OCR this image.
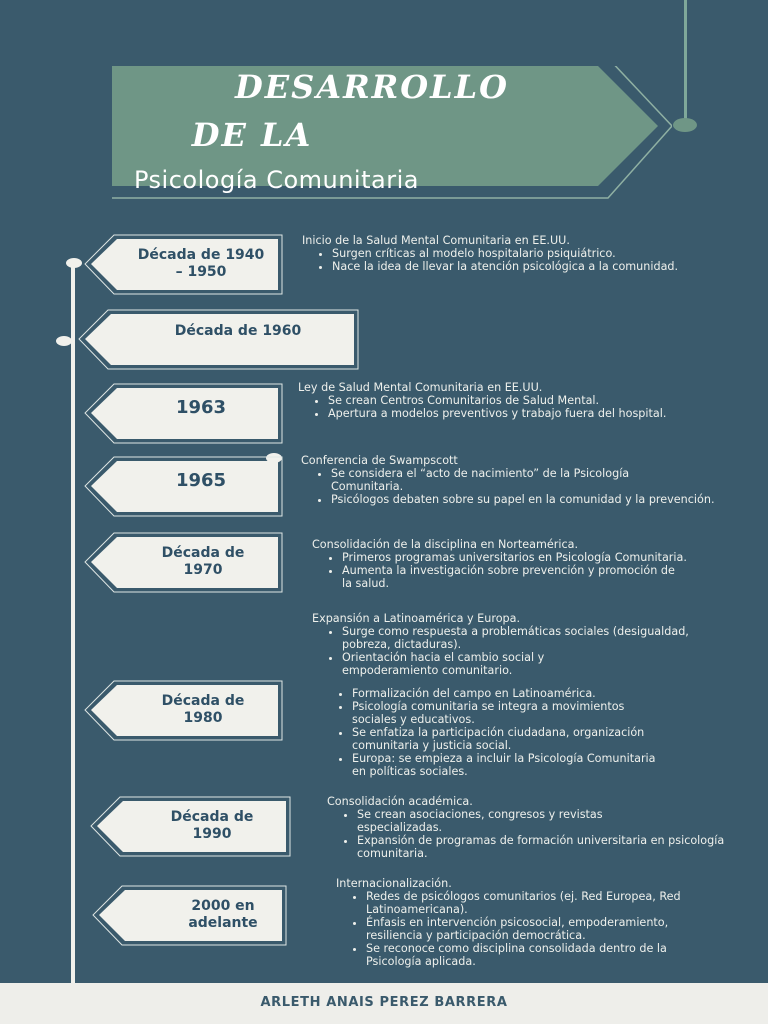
DESARROLLO
DE LA
Psicología Comunitaria
Década de 1940 – 1950
Década de 1960
1963
1965
Década de 1970
Década de 1980
Década de 1990
2000 en adelante
Inicio de la Salud Mental Comunitaria en EE.UU.
• Surgen críticas al modelo hospitalario psiquiátrico.
• Nace la idea de llevar la atención psicológica a la comunidad.
Ley de Salud Mental Comunitaria en EE.UU.
• Se crean Centros Comunitarios de Salud Mental.
• Apertura a modelos preventivos y trabajo fuera del hospital.
Conferencia de Swampscott
• Se considera el “acto de nacimiento” de la Psicología Comunitaria.
• Psicólogos debaten sobre su papel en la comunidad y la prevención.
Consolidación de la disciplina en Norteamérica.
• Primeros programas universitarios en Psicología Comunitaria.
• Aumenta la investigación sobre prevención y promoción de la salud.
Expansión a Latinoamérica y Europa.
• Surge como respuesta a problemáticas sociales (desigualdad, pobreza, dictaduras).
• Orientación hacia el cambio social y empoderamiento comunitario.
• Formalización del campo en Latinoamérica.
• Psicología comunitaria se integra a movimientos sociales y educativos.
• Se enfatiza la participación ciudadana, organización comunitaria y justicia social.
• Europa: se empieza a incluir la Psicología Comunitaria en políticas sociales.
Consolidación académica.
• Se crean asociaciones, congresos y revistas especializadas.
• Expansión de programas de formación universitaria en psicología comunitaria.
Internacionalización.
• Redes de psicólogos comunitarios (ej. Red Europea, Red Latinoamericana).
• Énfasis en intervención psicosocial, empoderamiento, resiliencia y participación democrática.
• Se reconoce como disciplina consolidada dentro de la Psicología aplicada.
ARLETH ANAIS PEREZ BARRERA
